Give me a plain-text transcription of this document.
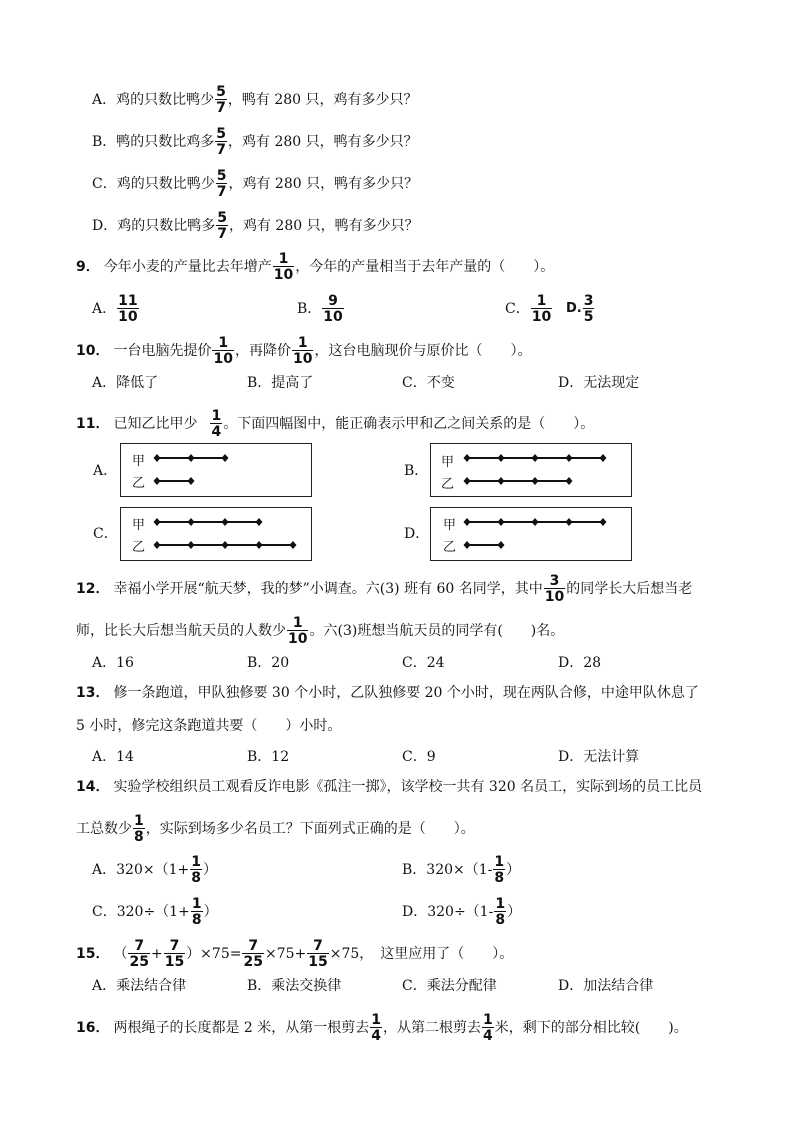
A． 鸡的只数比鸭少 $\frac{5}{7}$ ，鸭有 280 只，鸡有多少只？
B． 鸭的只数比鸡多 $\frac{5}{7}$ ，鸡有 280 只，鸭有多少只？
C． 鸡的只数比鸭少 $\frac{5}{7}$ ，鸡有 280 只，鸭有多少只？
D． 鸡的只数比鸭多 $\frac{5}{7}$ ，鸡有 280 只，鸭有多少只？
9． 今年小麦的产量比去年增产 $\frac{1}{10}$ ，今年的产量相当于去年产量的（　　）。
A． $\frac{11}{10}$	B． $\frac{9}{10}$	C． $\frac{1}{10} D$. $\frac{3}{5}$
10． 一台电脑先提价 $\frac{1}{10}$ ，再降价 $\frac{1}{10}$ ，这台电脑现价与原价比（　　）。
A．降低了	B．提高了	C．不变	D．无法现定
11． 已知乙比甲少 $\frac{1}{4}$ 。下面四幅图中，能正确表示甲和乙之间关系的是（　　）。
A．
甲
乙
B．
甲
乙
C．
甲
乙
D．
甲
乙
12． 幸福小学开展“航天梦，我的梦”小调查。六(3) 班有 60 名同学，其中 $\frac{3}{10}$ 的同学长大后想当老
师，比长大后想当航天员的人数少 $\frac{1}{10}$ 。六(3)班想当航天员的同学有(　　)名。
A．16	B．20	C．24	D．28
13． 修一条跑道，甲队独修要 30 个小时，乙队独修要 20 个小时，现在两队合修，中途甲队休息了
5 小时，修完这条跑道共要（　　）小时。
A．14	B．12	C．9	D．无法计算
14． 实验学校组织员工观看反诈电影《孤注一掷》，该学校一共有 320 名员工，实际到场的员工比员
工总数少 $\frac{1}{8}$ ，实际到场多少名员工？下面列式正确的是（　　）。
A． $320\times(1+ \frac{1}{8}$ ）	B． $320\times(1- \frac{1}{8}$ ）
C． $320\div(1+ \frac{1}{8}$ ）	D． $320\div(1- \frac{1}{8}$ ）
15． （ $\frac{7}{25} + \frac{7}{15} )\times 75= \frac{7}{25} \times 75+ \frac{7}{15} \times 75$ ，　这里应用了（　　）。
A．乘法结合律	B．乘法交换律	C．乘法分配律	D．加法结合律
16． 两根绳子的长度都是 2 米，从第一根剪去 $\frac{1}{4}$ ，从第二根剪去 $\frac{1}{4}$ 米，剩下的部分相比较(　　)。
